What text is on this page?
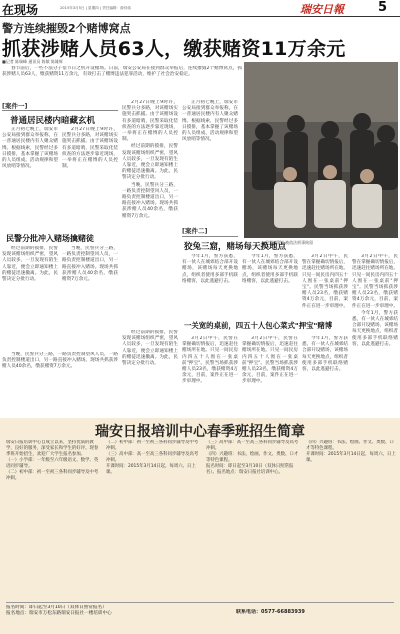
在现场	2015年3月5日 | 星期四 | 责任编辑：薛伟伟	瑞安日報	5
警方连续摧毁2个赌博窝点
抓获涉赌人员63人，缴获赌资11万余元
■记者 陈瑞峰 通讯员 陈敏 陈雄辉

春节前后，一些不法分子借节日之机开设赌场。日前，瑞安公安局在接到群众举报后，连续摧毁2个赌博窝点，抓获涉赌人员63人，缴获赌资11万余元，有效打击了赌博违法犯罪活动，维护了社会治安稳定。

[案件一]
普通居民楼内暗藏玄机

正月初七晚上，瑞安市公安局接到群众举报称，在一普通居民楼内有人聚众赌博。根据线索，民警经过多日摸排，基本掌握了该赌场的人员组成、活动规律和望风放哨等情况。

2月27日晚上9时许，民警兵分多路，对该赌场实施突击抓捕。由于该赌场设有多道暗哨，民警采取化装侦查的方法逐步靠近现场，一举将正在赌博的人员控制。

民警分批冲入赌场擒赌徒

经过前期的摸排，民警发现该赌场组织严密，望风人员较多，一旦发现有陌生人靠近，便会立即通知楼上的赌徒迅速撤离。为此，民警决定分批行动。

当晚，民警兵分三路，一路负责控制望风人员，一路负责控制楼道出口，另一路直接冲入赌场。现场共抓获涉赌人员40余名，缴获赌资7万余元。

2月27日晚上9时许，民警兵分多路，对该赌场实施突击抓捕。由于该赌场设有多道暗哨，民警采取化装侦查的方法逐步靠近现场，一举将正在赌博的人员控制。

经过前期的摸排，民警发现该赌场组织严密，望风人员较多，一旦发现有陌生人靠近，便会立即通知楼上的赌徒迅速撤离。为此，民警决定分批行动。

当晚，民警兵分三路，一路负责控制望风人员，一路负责控制楼道出口，另一路直接冲入赌场。现场共抓获涉赌人员40余名，缴获赌资7万余元。

正月初七晚上，瑞安市公安局接到群众举报称，在一普通居民楼内有人聚众赌博。根据线索，民警经过多日摸排，基本掌握了该赌场的人员组成、活动规律和望风放哨等情况。

▲犯罪嫌疑人被依法刑事拘留
[案件二]
狡兔三窟，赌场每天换地点

今年1月，警方获悉，有一伙人在城郊结合部开设赌场，该赌场每天更换地点，组织者使用多部手机联络赌客，以此逃避打击。

今年1月，警方获悉，有一伙人在城郊结合部开设赌场，该赌场每天更换地点，组织者使用多部手机联络赌客，以此逃避打击。

3月2日中午，民警在掌握确切情报后，迅速赶往赌场所在地。只见一间民房内四五十人围在一张桌前"押宝"。民警当场抓获涉赌人员23名，缴获赌资4万余元，目前，案件正在进一步审理中。

3月2日中午，民警在掌握确切情报后，迅速赶往赌场所在地。只见一间民房内四五十人围在一张桌前"押宝"。民警当场抓获涉赌人员23名，缴获赌资4万余元，目前，案件正在进一步审理中。

今年1月，警方获悉，有一伙人在城郊结合部开设赌场，该赌场每天更换地点，组织者使用多部手机联络赌客，以此逃避打击。

一关宽的桌前，四五十人包心菜式"押宝"赌博

3月2日中午，民警在掌握确切情报后，迅速赶往赌场所在地。只见一间民房内四五十人围在一张桌前"押宝"。民警当场抓获涉赌人员23名，缴获赌资4万余元，目前，案件正在进一步审理中。

3月2日中午，民警在掌握确切情报后，迅速赶往赌场所在地。只见一间民房内四五十人围在一张桌前"押宝"。民警当场抓获涉赌人员23名，缴获赌资4万余元，目前，案件正在进一步审理中。

今年1月，警方获悉，有一伙人在城郊结合部开设赌场，该赌场每天更换地点，组织者使用多部手机联络赌客，以此逃避打击。

当晚，民警兵分三路，一路负责控制望风人员，一路负责控制楼道出口，另一路直接冲入赌场。现场共抓获涉赌人员40余名，缴获赌资7万余元。

经过前期的摸排，民警发现该赌场组织严密，望风人员较多，一旦发现有陌生人靠近，便会立即通知楼上的赌徒迅速撤离。为此，民警决定分批行动。

瑞安日报培训中心春季班招生简章

瑞安日报培训中心自成立以来，坚持优质的教学，良好的服务，深受家长和学生的好评。现春季班开始招生，欢迎广大学生报名参加。

（一）小学部：一年级至六年级语文、数学、英语同步辅导。

（二）初中部：初一至初三各科同步辅导及中考冲刺。

（二）初中部：初一至初三各科同步辅导及中考冲刺。

（三）高中部：高一至高三各科同步辅导及高考冲刺。

开课时间：2015年3月14日起，每周六、日上课。

（三）高中部：高一至高三各科同步辅导及高考冲刺。

（四）兴趣班：书法、绘画、作文、奥数、口才等特色课程。

报名时间：即日起至3月10日（双休日照常报名）。报名地点：瑞安日报社培训中心。

（四）兴趣班：书法、绘画、作文、奥数、口才等特色课程。

开课时间：2015年3月14日起，每周六、日上课。

报名时间：即日起至3月10日（双休日照常报名）

报名地点：瑞安市万松东路瑞安日报社一楼培训中心	联系电话：0577-66883939
